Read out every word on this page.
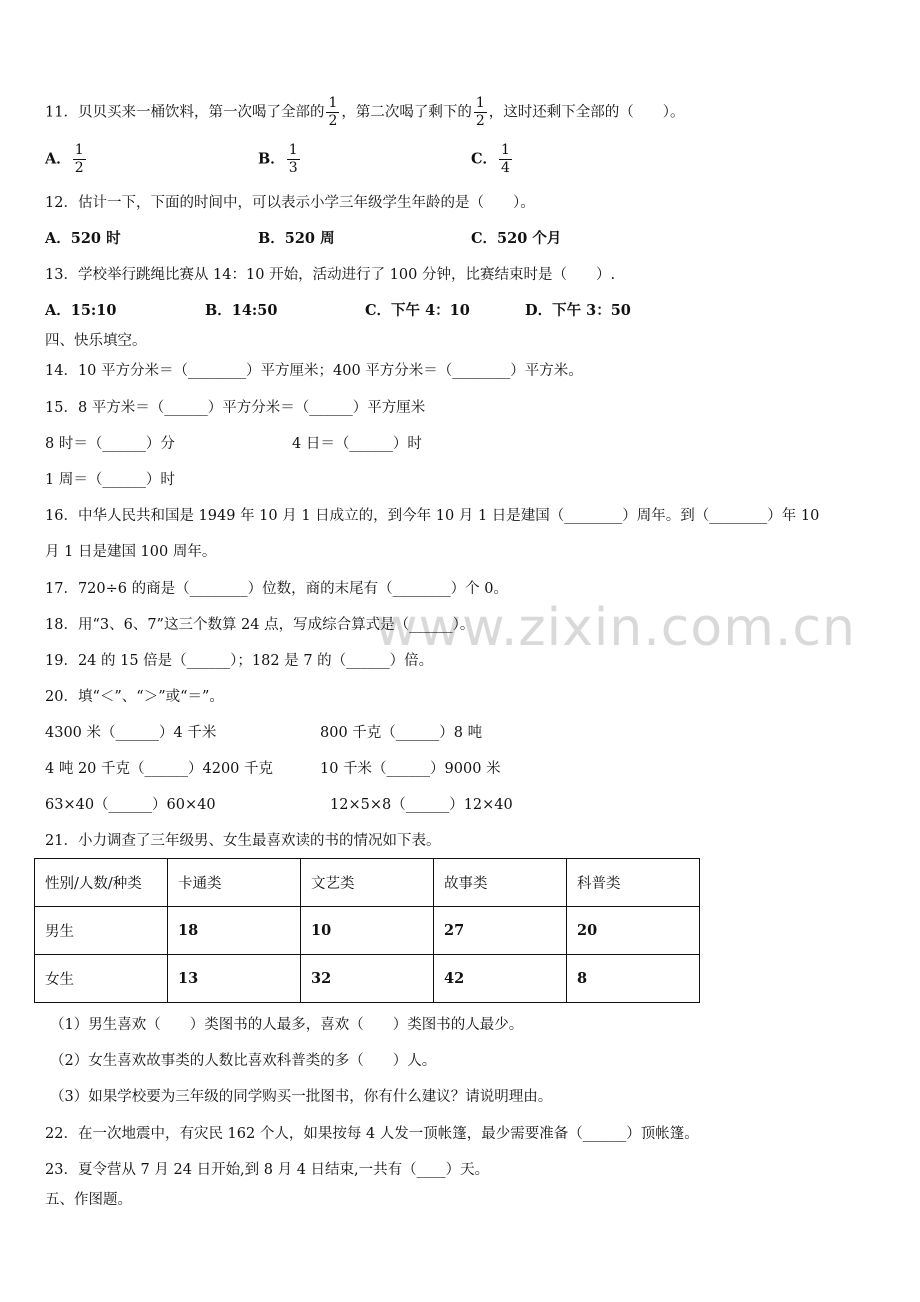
www.zixin.com.cn
11．贝贝买来一桶饮料，第一次喝了全部的 $\frac{1}{2}$ ，第二次喝了剩下的 $\frac{1}{2}$ ，这时还剩下全部的（　　）。
A． $\frac{1}{2}$	B． $\frac{1}{3}$	C． $\frac{1}{4}$
12．估计一下，下面的时间中，可以表示小学三年级学生年龄的是（　　）。
A．520 时	B．520 周	C．520 个月
13．学校举行跳绳比赛从 14：10 开始，活动进行了 100 分钟，比赛结束时是（　　）.
A．15:10	B．14:50	C．下午 4：10	D．下午 3：50
四、快乐填空。
14．10 平方分米＝（________）平方厘米；400 平方分米＝（________）平方米。
15．8 平方米＝（______）平方分米＝（______）平方厘米
8 时＝（______）分	4 日＝（______）时
1 周＝（______）时
16．中华人民共和国是 1949 年 10 月 1 日成立的，到今年 10 月 1 日是建国（________）周年。到（________）年 10
月 1 日是建国 100 周年。
17．720÷6 的商是（________）位数，商的末尾有（________）个 0。
18．用“3、6、7”这三个数算 24 点，写成综合算式是（______）。
19．24 的 15 倍是（______）；182 是 7 的（______）倍。
20．填“＜”、“＞”或“＝”。
4300 米（______）4 千米	800 千克（______）8 吨
4 吨 20 千克（______）4200 千克	10 千米（______）9000 米
63×40（______）60×40	12×5×8（______）12×40
21．小力调查了三年级男、女生最喜欢读的书的情况如下表。
性别/人数/种类	卡通类	文艺类	故事类	科普类
男生	18	10	27	20
女生	13	32	42	8
（1）男生喜欢（　　）类图书的人最多，喜欢（　　）类图书的人最少。
（2）女生喜欢故事类的人数比喜欢科普类的多（　　）人。
（3）如果学校要为三年级的同学购买一批图书，你有什么建议？请说明理由。
22．在一次地震中，有灾民 162 个人，如果按每 4 人发一顶帐篷，最少需要准备（______）顶帐篷。
23．夏令营从 7 月 24 日开始,到 8 月 4 日结束,一共有（____）天。
五、作图题。
